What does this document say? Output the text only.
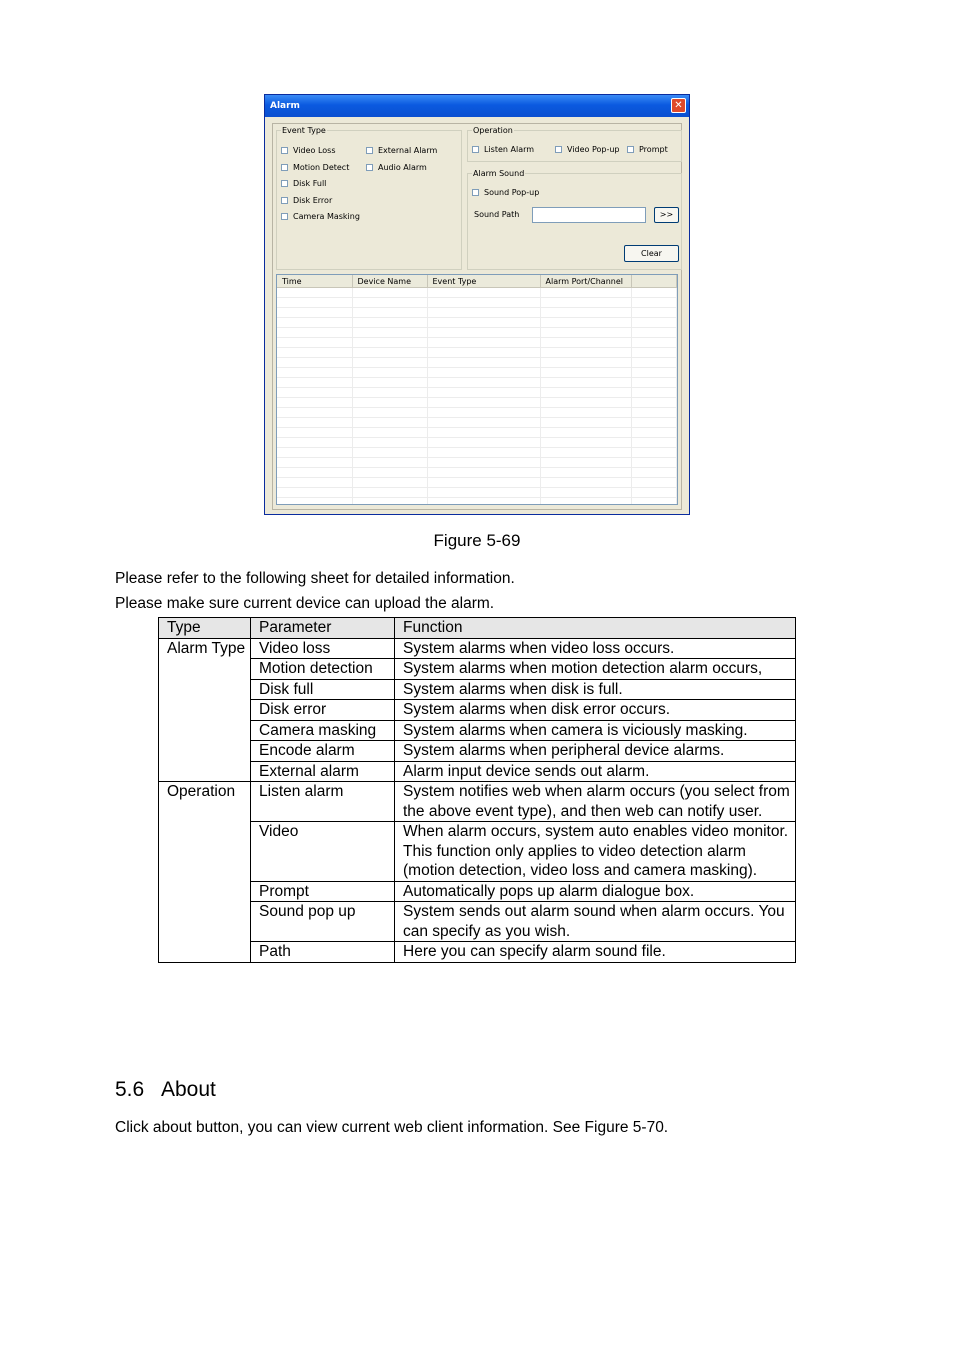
Alarm	✕
Event Type
Video Loss	External Alarm
Motion Detect	Audio Alarm
Disk Full
Disk Error
Camera Masking
Operation
Listen Alarm	Video Pop-up Prompt
Alarm Sound
Sound Pop-up
Sound Path	>>
Clear
Time	Device Name	Event Type	Alarm Port/Channel	

Figure 5-69
Please refer to the following sheet for detailed information.
Please make sure current device can upload the alarm.
Type	Parameter	Function
Alarm Type	Video loss	System alarms when video loss occurs.
	Motion detection	System alarms when motion detection alarm occurs,
	Disk full	System alarms when disk is full.
	Disk error	System alarms when disk error occurs.
	Camera masking	System alarms when camera is viciously masking.
	Encode alarm	System alarms when peripheral device alarms.
	External alarm	Alarm input device sends out alarm.
Operation	Listen alarm	System notifies web when alarm occurs (you select from the above event type), and then web can notify user.
	Video	When alarm occurs, system auto enables video monitor. This function only applies to video detection alarm (motion detection, video loss and camera masking).
	Prompt	Automatically pops up alarm dialogue box.
	Sound pop up	System sends out alarm sound when alarm occurs. You can specify as you wish.
	Path	Here you can specify alarm sound file.
5.6 About
Click about button, you can view current web client information. See Figure 5-70.
